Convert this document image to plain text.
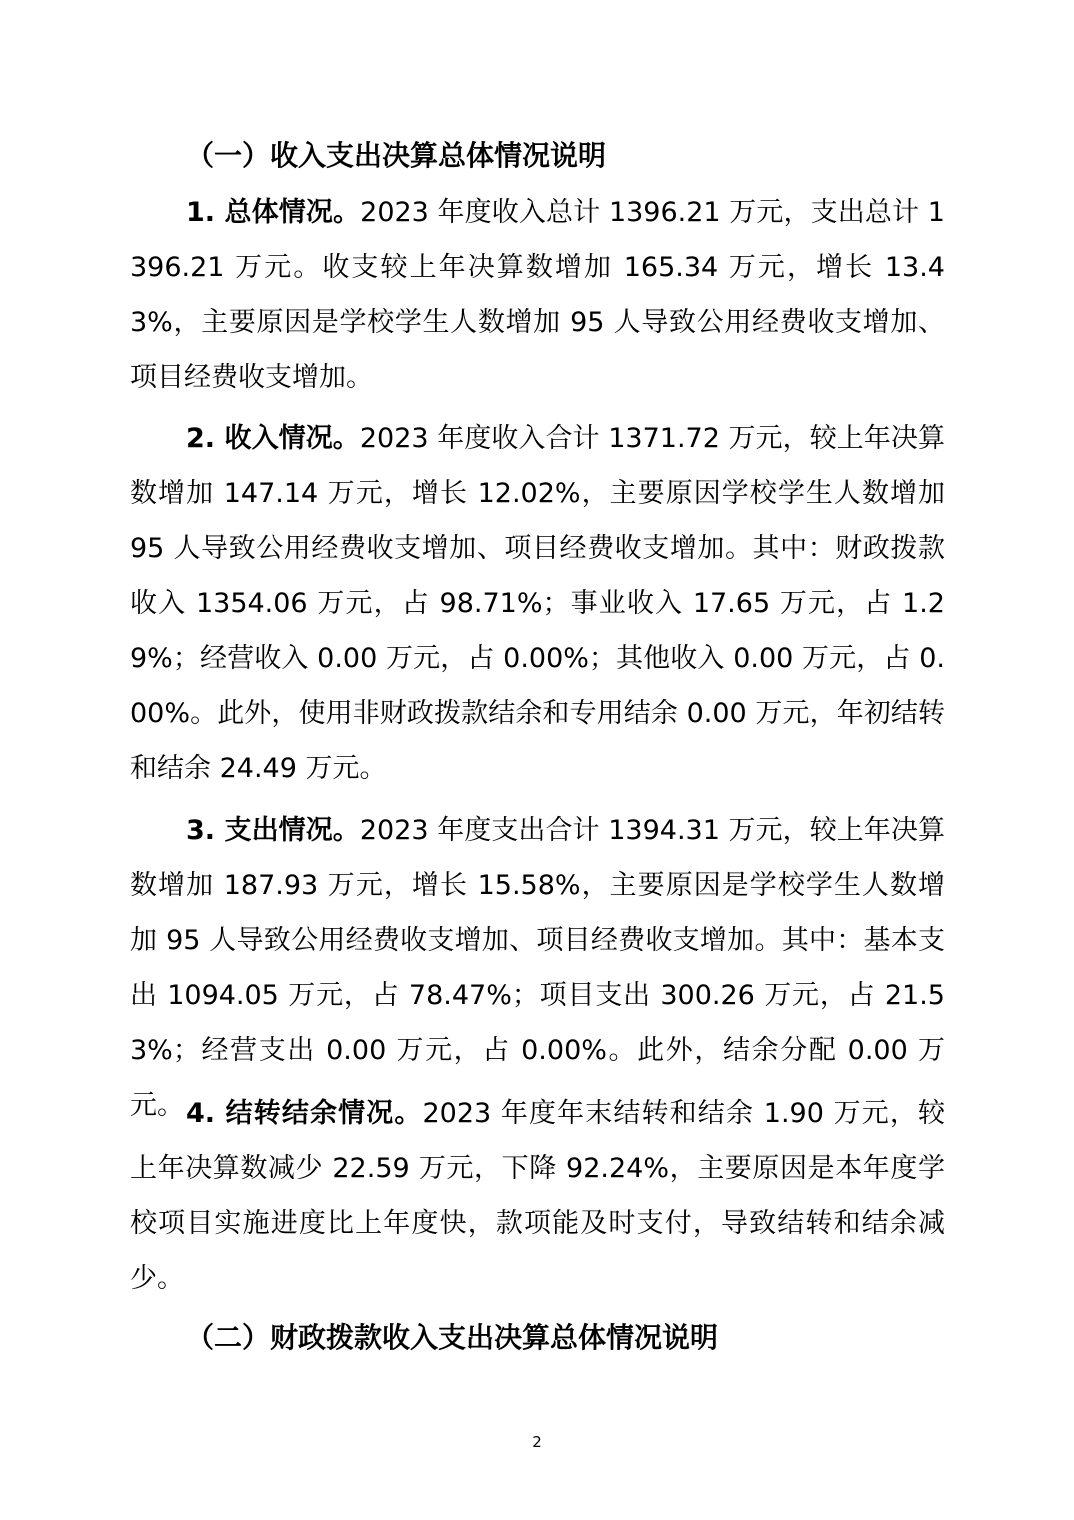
（一）收入支出决算总体情况说明

1. 总体情况。2023 年度收入总计 1396.21 万元，支出总计 1396.21 万元。收支较上年决算数增加 165.34 万元，增长 13.43%，主要原因是学校学生人数增加 95 人导致公用经费收支增加、项目经费收支增加。

2. 收入情况。2023 年度收入合计 1371.72 万元，较上年决算数增加 147.14 万元，增长 12.02%，主要原因学校学生人数增加 95 人导致公用经费收支增加、项目经费收支增加。其中：财政拨款收入 1354.06 万元，占 98.71%；事业收入 17.65 万元，占 1.29%；经营收入 0.00 万元，占 0.00%；其他收入 0.00 万元，占 0.00%。此外，使用非财政拨款结余和专用结余 0.00 万元，年初结转和结余 24.49 万元。

3. 支出情况。2023 年度支出合计 1394.31 万元，较上年决算数增加 187.93 万元，增长 15.58%，主要原因是学校学生人数增加 95 人导致公用经费收支增加、项目经费收支增加。其中：基本支出 1094.05 万元，占 78.47%；项目支出 300.26 万元，占 21.53%；经营支出 0.00 万元，占 0.00%。此外，结余分配 0.00 万元。 4. 结转结余情况。2023 年度年末结转和结余 1.90 万元，较上年决算数减少 22.59 万元，下降 92.24%，主要原因是本年度学校项目实施进度比上年度快，款项能及时支付，导致结转和结余减少。

（二）财政拨款收入支出决算总体情况说明
2
